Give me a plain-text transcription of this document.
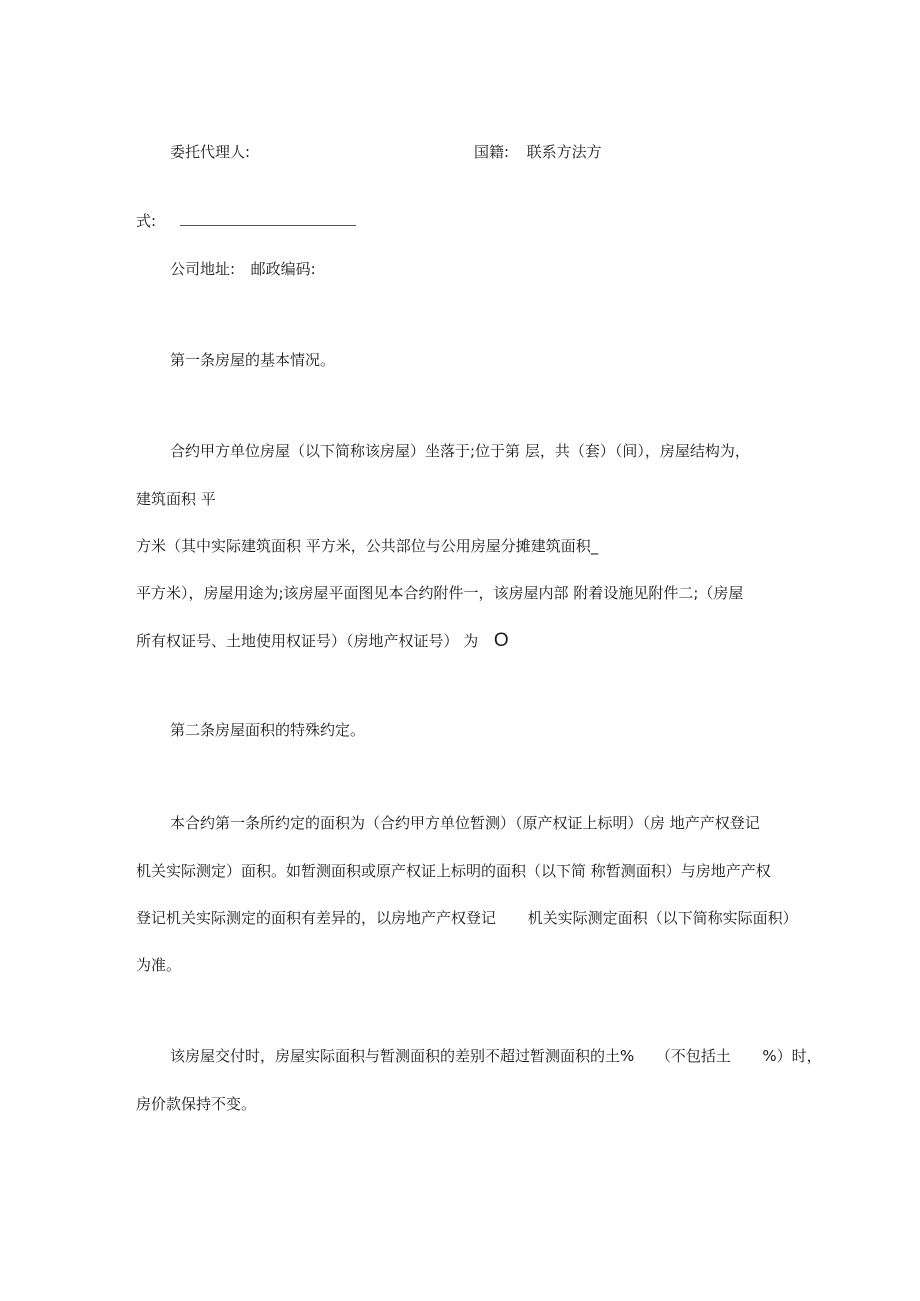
委托代理人:	国籍: 联系方法方
式:
公司地址: 邮政编码:
第一条房屋的基本情况。
合约甲方单位房屋（以下简称该房屋）坐落于;位于第 层，共（套）（间），房屋结构为，
建筑面积 平
方米（其中实际建筑面积 平方米，公共部位与公用房屋分摊建筑面积_
平方米），房屋用途为;该房屋平面图见本合约附件一，该房屋内部 附着设施见附件二;（房屋
所有权证号、土地使用权证号）（房地产权证号） 为 O
第二条房屋面积的特殊约定。
本合约第一条所约定的面积为（合约甲方单位暂测）（原产权证上标明）（房 地产产权登记
机关实际测定）面积。如暂测面积或原产权证上标明的面积（以下简 称暂测面积）与房地产产权
登记机关实际测定的面积有差异的，以房地产产权登记 机关实际测定面积（以下简称实际面积）
为准。
该房屋交付时，房屋实际面积与暂测面积的差别不超过暂测面积的土% （不包括土 %）时，
房价款保持不变。
